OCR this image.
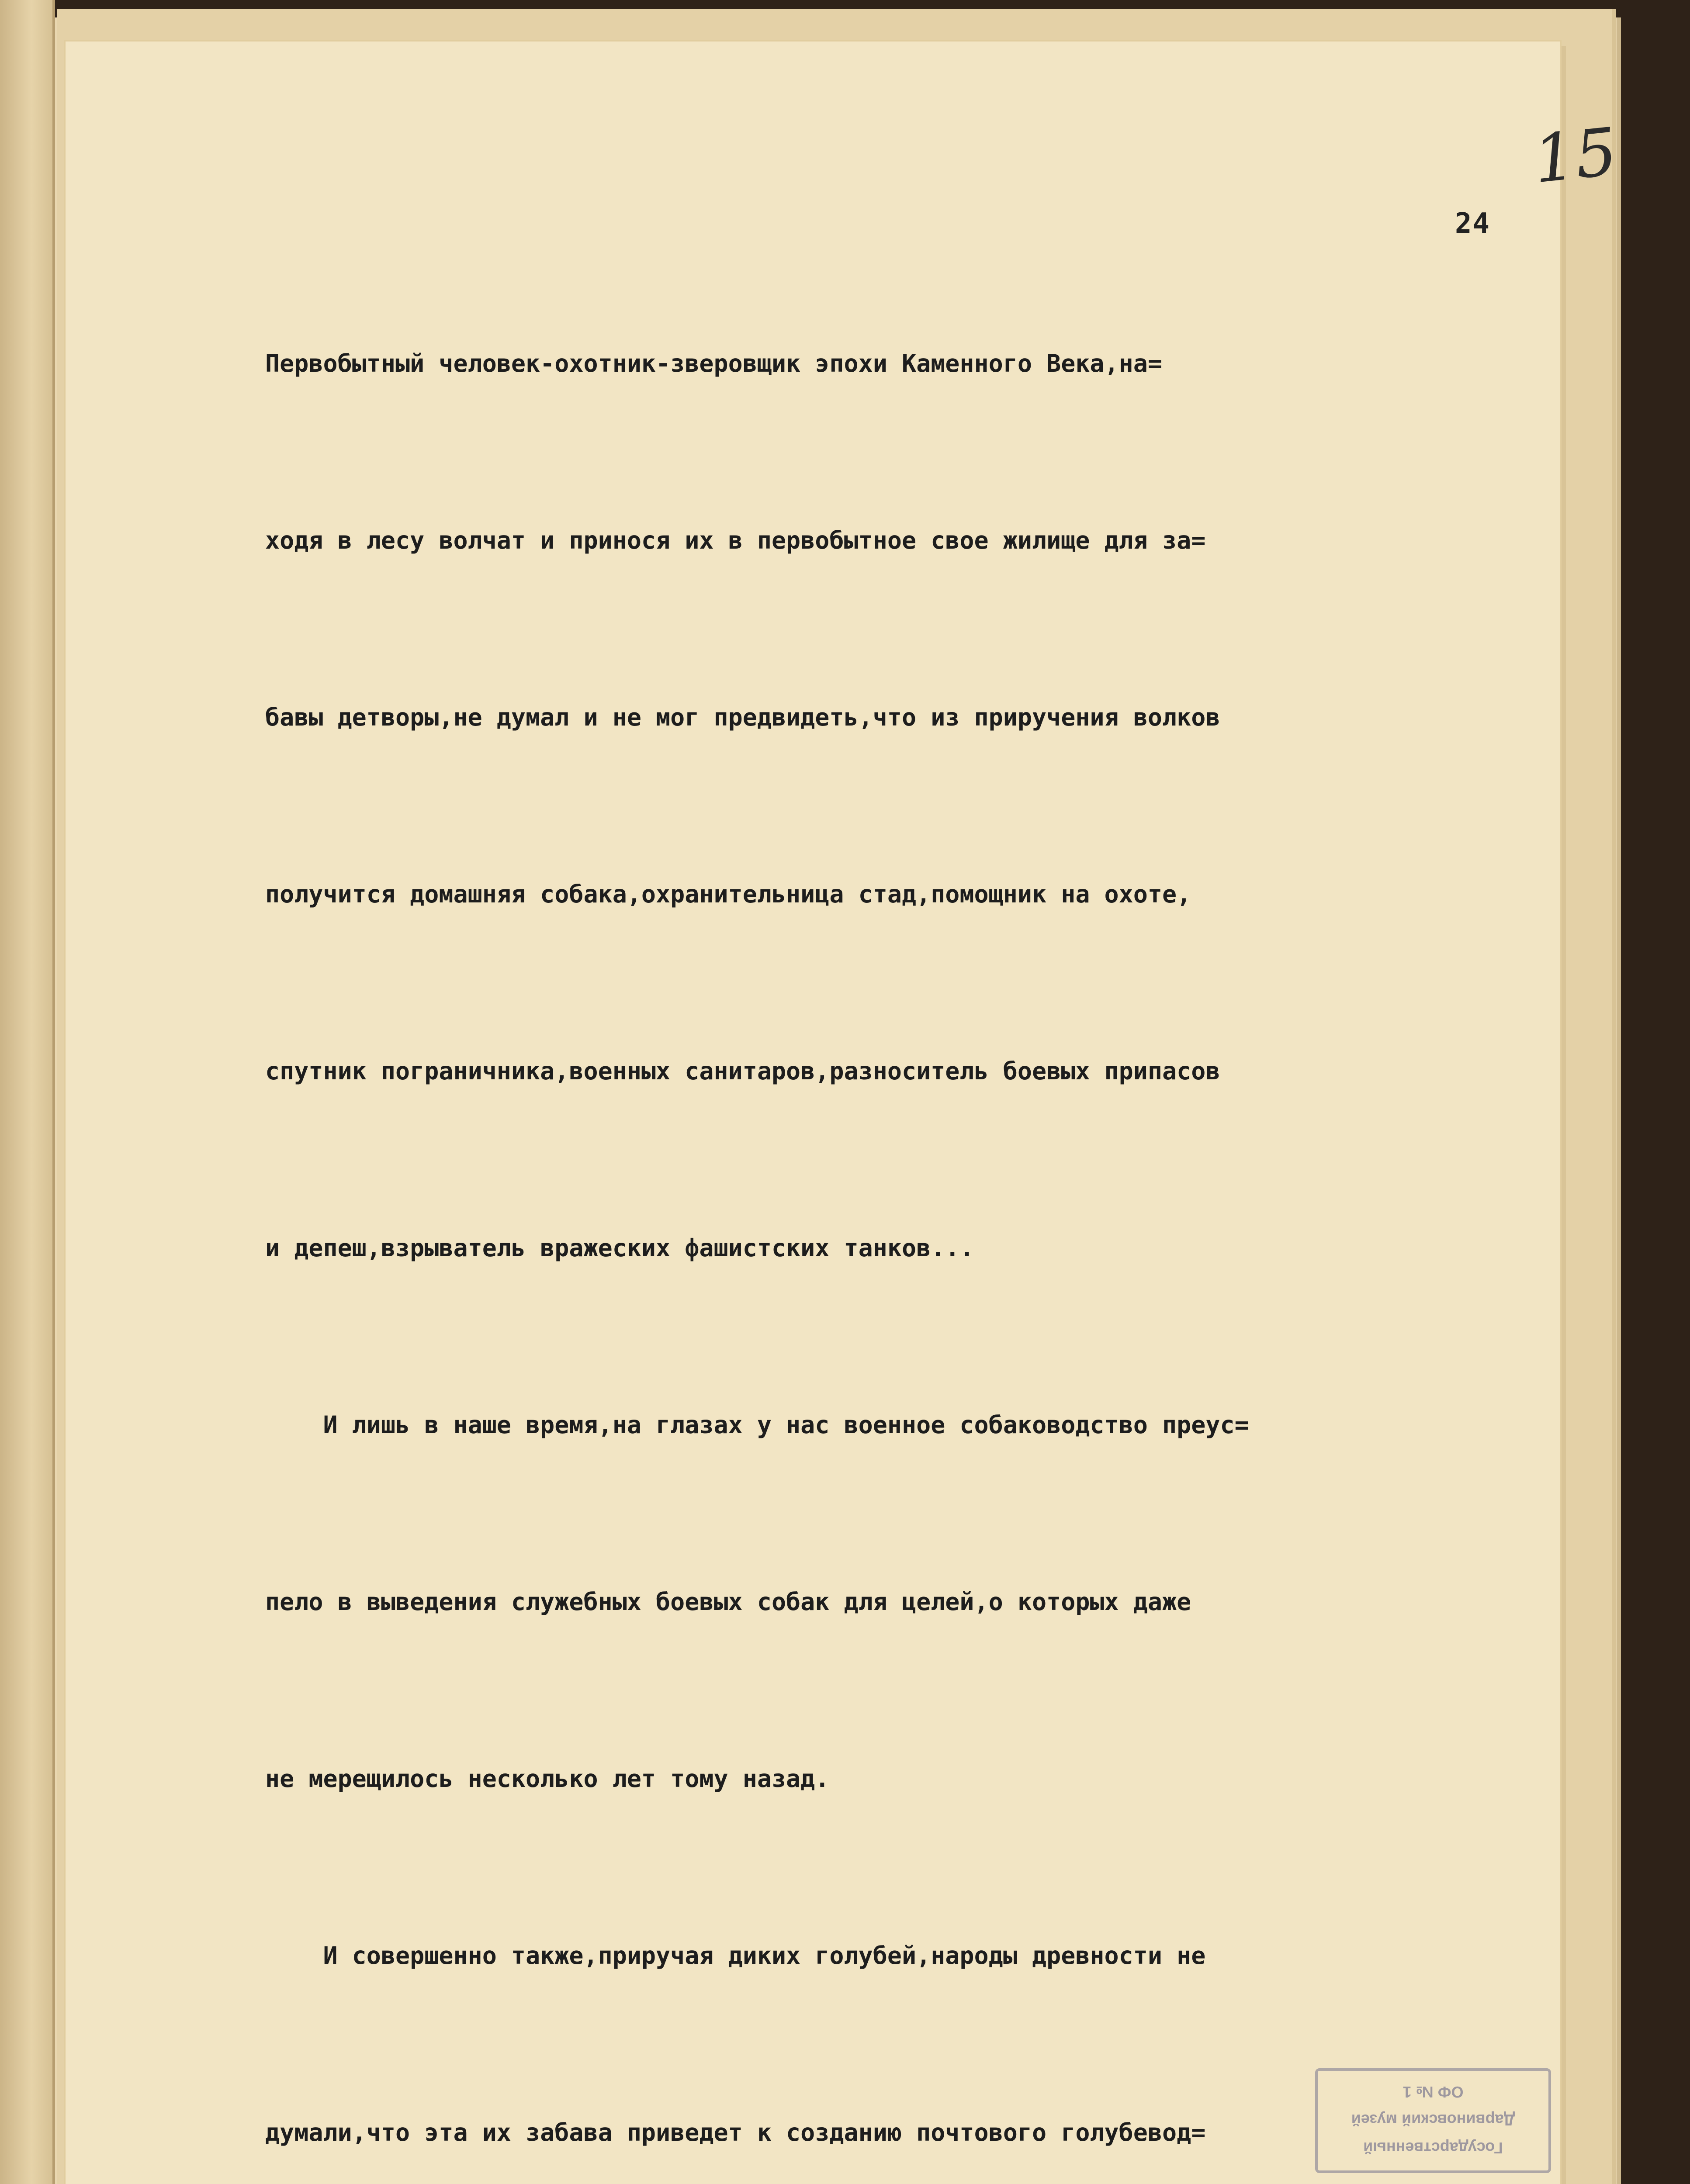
15
24
Государственный
Дарвиновский музей
ОФ № 1

Первобытный человек-охотник-зверовщик эпохи Каменного Века,на=

ходя в лесу волчат и принося их в первобытное свое жилище для за=

бавы детворы,не думал и не мог предвидеть,что из приручения волков

получится домашняя собака,охранительница стад,помощник на охоте,

спутник пограничника,военных санитаров,разноситель боевых припасов

и депеш,взрыватель вражеских фашистских танков...

И лишь в наше время,на глазах у нас военное собаководство преус=

пело в выведения служебных боевых собак для целей,о которых даже

не мерещилось несколько лет тому назад.

И совершенно также,приручая диких голубей,народы древности не

думали,что эта их забава приведет к созданию почтового голубевод=
